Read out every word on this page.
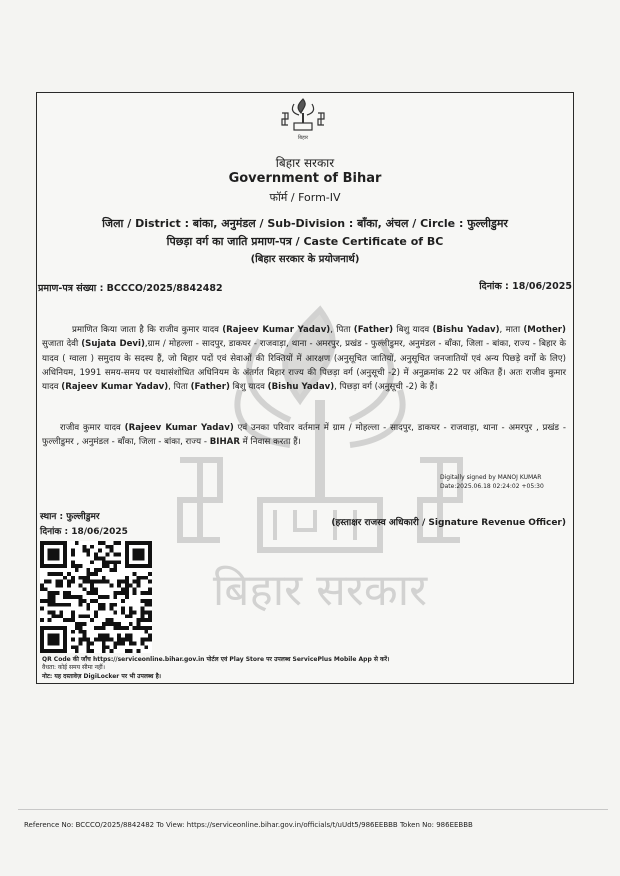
बिहार सरकार
बिहार
बिहार सरकार
Government of Bihar
फॉर्म / Form-IV
जिला / District : बांका, अनुमंडल / Sub-Division : बाँका, अंचल / Circle : फुल्लीडुमर
पिछड़ा वर्ग का जाति प्रमाण-पत्र / Caste Certificate of BC
(बिहार सरकार के प्रयोजनार्थ)
प्रमाण-पत्र संख्या : BCCCO/2025/8842482	दिनांक : 18/06/2025
प्रमाणित किया जाता है कि राजीव कुमार यादव (Rajeev Kumar Yadav), पिता (Father) बिशु यादव (Bishu Yadav), माता (Mother) सुजाता देवी (Sujata Devi),ग्राम / मोहल्ला - सादपुर, डाकघर - राजवाड़ा, थाना - अमरपुर, प्रखंड - फुल्लीडुमर, अनुमंडल - बाँका, जिला - बांका, राज्य - बिहार के यादव ( ग्वाला ) समुदाय के सदस्य हैं, जो बिहार पदों एवं सेवाओं की रिक्तियों में आरक्षण (अनुसूचित जातियों, अनुसूचित जनजातियों एवं अन्य पिछड़े वर्गों के लिए) अधिनियम, 1991 समय-समय पर यथासंशोधित अधिनियम के अंतर्गत बिहार राज्य की पिछड़ा वर्ग (अनुसूची -2) में अनुक्रमांक 22 पर अंकित हैं। अतः राजीव कुमार यादव (Rajeev Kumar Yadav), पिता (Father) बिशु यादव (Bishu Yadav), पिछड़ा वर्ग (अनुसूची -2) के हैं।
राजीव कुमार यादव (Rajeev Kumar Yadav) एवं उनका परिवार वर्तमान में ग्राम / मोहल्ला - सादपुर, डाकघर - राजवाड़ा, थाना - अमरपुर , प्रखंड - फुल्लीडुमर , अनुमंडल - बाँका, जिला - बांका, राज्य - BIHAR में निवास करता हैं।
Digitally signed by MANOJ KUMAR
Date:2025.06.18 02:24:02 +05:30
स्थान : फुल्लीडुमर
दिनांक : 18/06/2025
(हस्ताक्षर राजस्व अधिकारी / Signature Revenue Officer)
QR Code की जाँच https://serviceonline.bihar.gov.in पोर्टल एवं Play Store पर उपलब्ध ServicePlus Mobile App से करें।
वैधता: कोई समय सीमा नहीं।
नोट: यह दस्तावेज़ DigiLocker पर भी उपलब्ध है।
Reference No: BCCCO/2025/8842482 To View: https://serviceonline.bihar.gov.in/officials/t/uUdt5/986EEBBB Token No: 986EEBBB
